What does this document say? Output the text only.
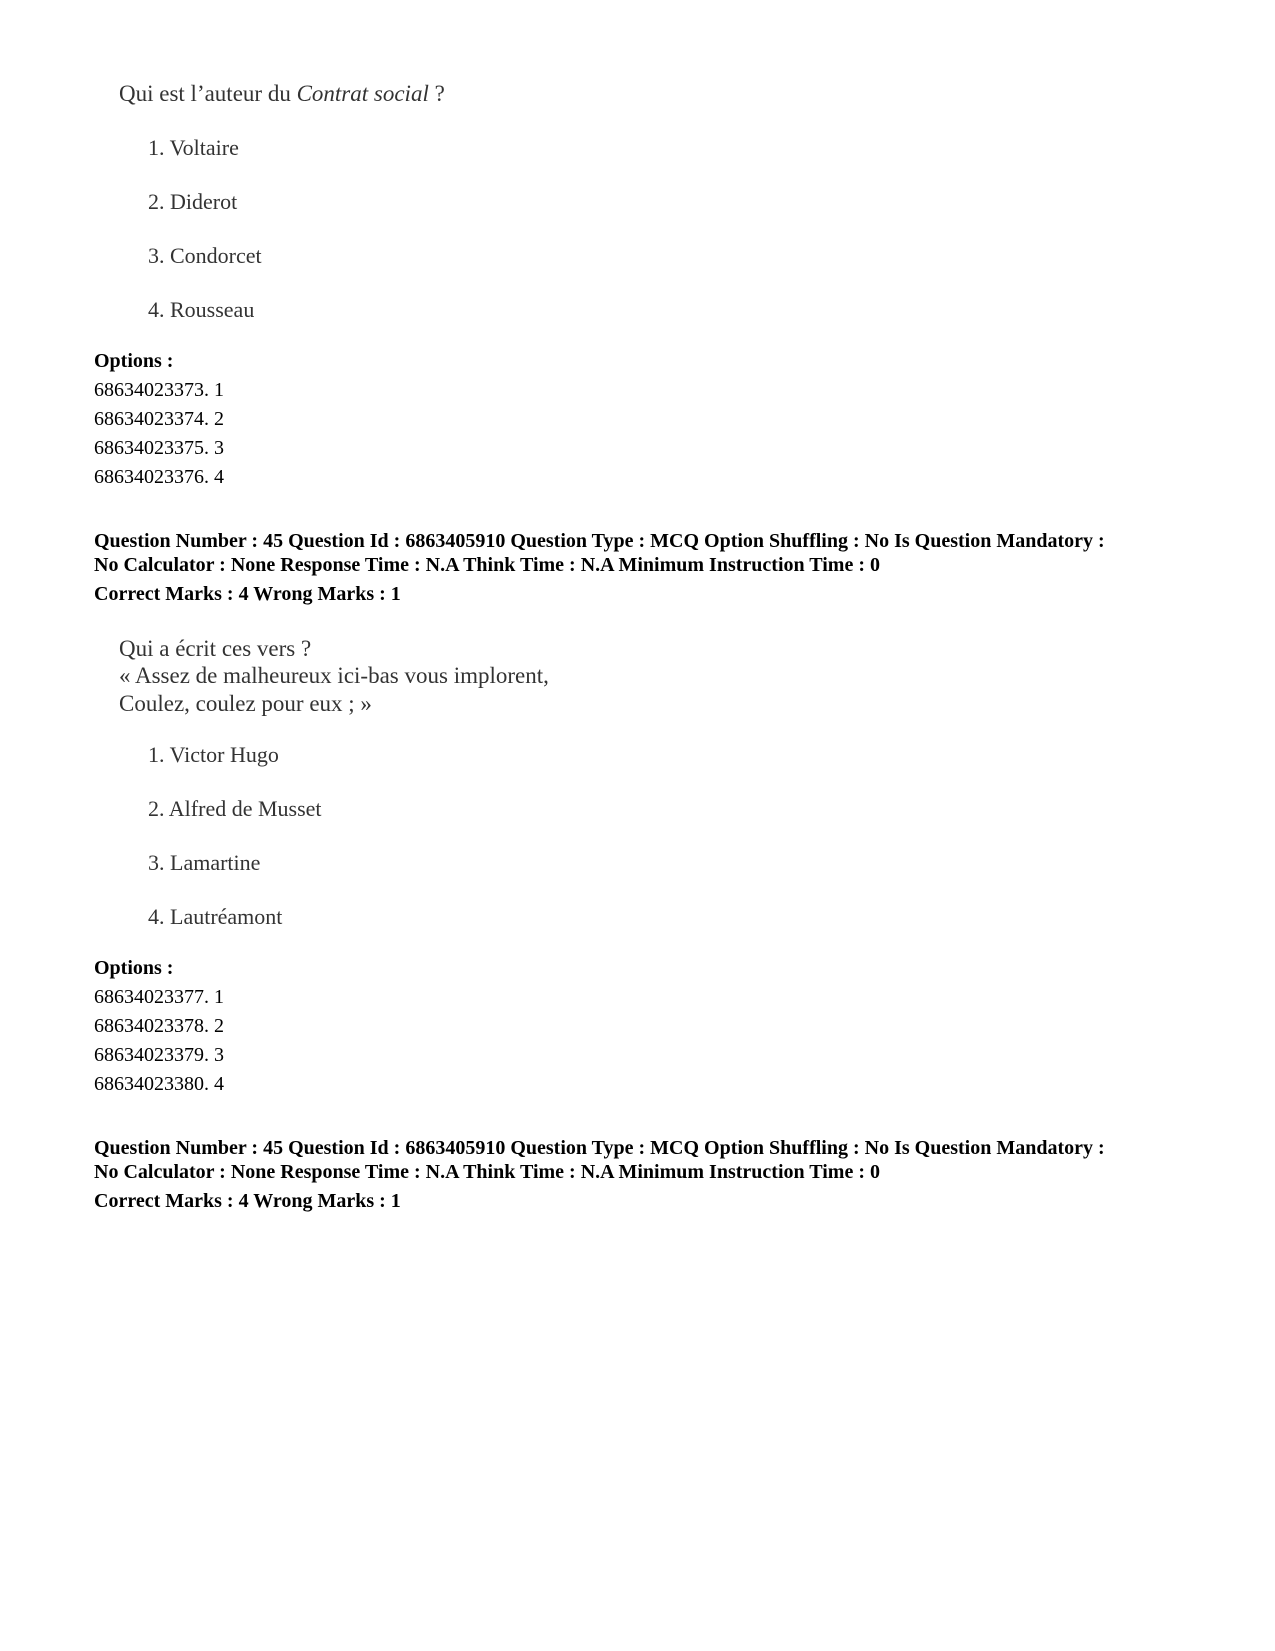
Qui est l’auteur du Contrat social ?
1. Voltaire
2. Diderot
3. Condorcet
4. Rousseau
Options :
68634023373. 1
68634023374. 2
68634023375. 3
68634023376. 4
Question Number : 45 Question Id : 6863405910 Question Type : MCQ Option Shuffling : No Is Question Mandatory :
No Calculator : None Response Time : N.A Think Time : N.A Minimum Instruction Time : 0
Correct Marks : 4 Wrong Marks : 1
Qui a écrit ces vers ?
« Assez de malheureux ici-bas vous implorent,
Coulez, coulez pour eux ; »
1. Victor Hugo
2. Alfred de Musset
3. Lamartine
4. Lautréamont
Options :
68634023377. 1
68634023378. 2
68634023379. 3
68634023380. 4
Question Number : 45 Question Id : 6863405910 Question Type : MCQ Option Shuffling : No Is Question Mandatory :
No Calculator : None Response Time : N.A Think Time : N.A Minimum Instruction Time : 0
Correct Marks : 4 Wrong Marks : 1
